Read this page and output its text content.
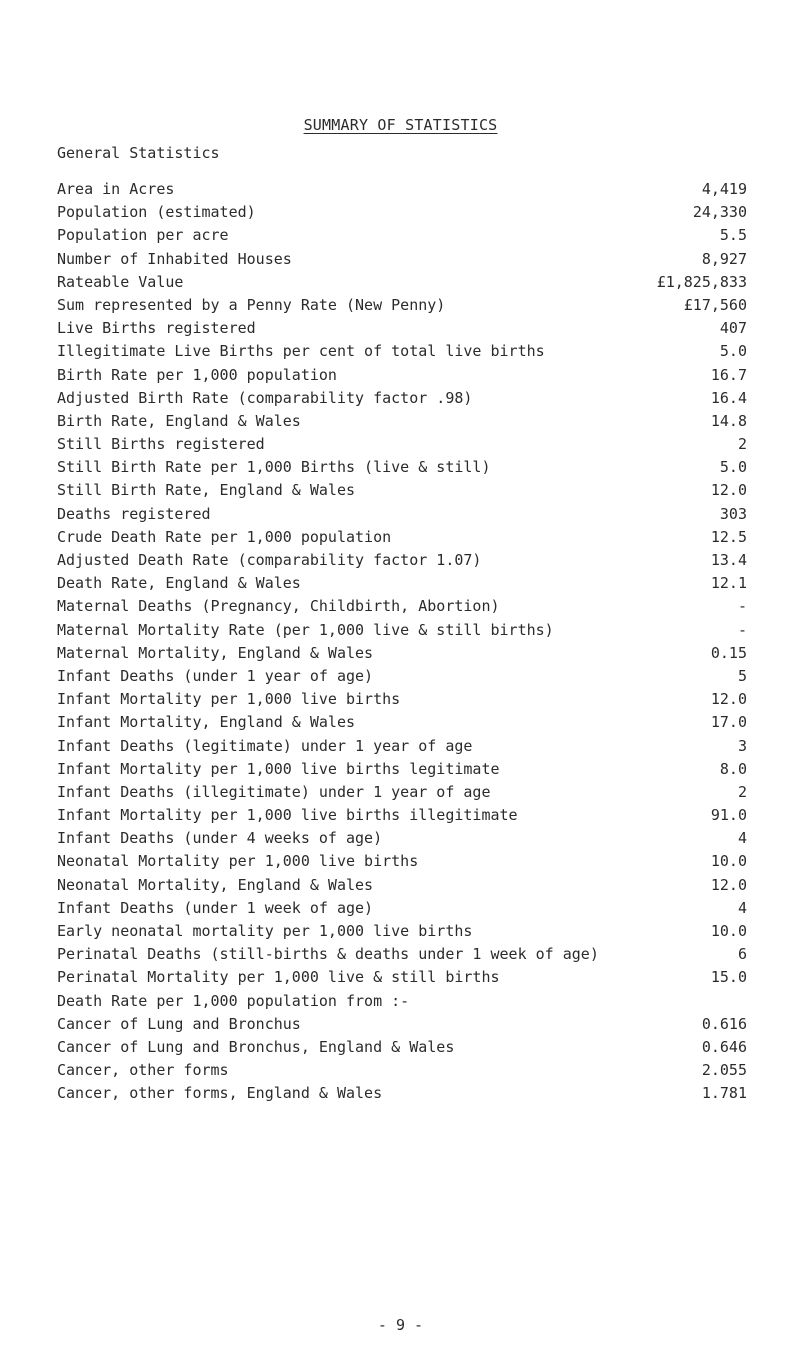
SUMMARY OF STATISTICS
General Statistics
Area in Acres	4,419
Population (estimated)	24,330
Population per acre	5.5
Number of Inhabited Houses	8,927
Rateable Value	£1,825,833
Sum represented by a Penny Rate (New Penny)	£17,560
Live Births registered	407
Illegitimate Live Births per cent of total live births	5.0
Birth Rate per 1,000 population	16.7
Adjusted Birth Rate (comparability factor .98)	16.4
Birth Rate, England & Wales	14.8
Still Births registered	2
Still Birth Rate per 1,000 Births (live & still)	5.0
Still Birth Rate, England & Wales	12.0
Deaths registered	303
Crude Death Rate per 1,000 population	12.5
Adjusted Death Rate (comparability factor 1.07)	13.4
Death Rate, England & Wales	12.1
Maternal Deaths (Pregnancy, Childbirth, Abortion)	-
Maternal Mortality Rate (per 1,000 live & still births)	-
Maternal Mortality, England & Wales	0.15
Infant Deaths (under 1 year of age)	5
Infant Mortality per 1,000 live births	12.0
Infant Mortality, England & Wales	17.0
Infant Deaths (legitimate) under 1 year of age	3
Infant Mortality per 1,000 live births legitimate	8.0
Infant Deaths (illegitimate) under 1 year of age	2
Infant Mortality per 1,000 live births illegitimate	91.0
Infant Deaths (under 4 weeks of age)	4
Neonatal Mortality per 1,000 live births	10.0
Neonatal Mortality, England & Wales	12.0
Infant Deaths (under 1 week of age)	4
Early neonatal mortality per 1,000 live births	10.0
Perinatal Deaths (still-births & deaths under 1 week of age)	6
Perinatal Mortality per 1,000 live & still births	15.0
Death Rate per 1,000 population from :-
Cancer of Lung and Bronchus	0.616
Cancer of Lung and Bronchus, England & Wales	0.646
Cancer, other forms	2.055
Cancer, other forms, England & Wales	1.781
- 9 -
